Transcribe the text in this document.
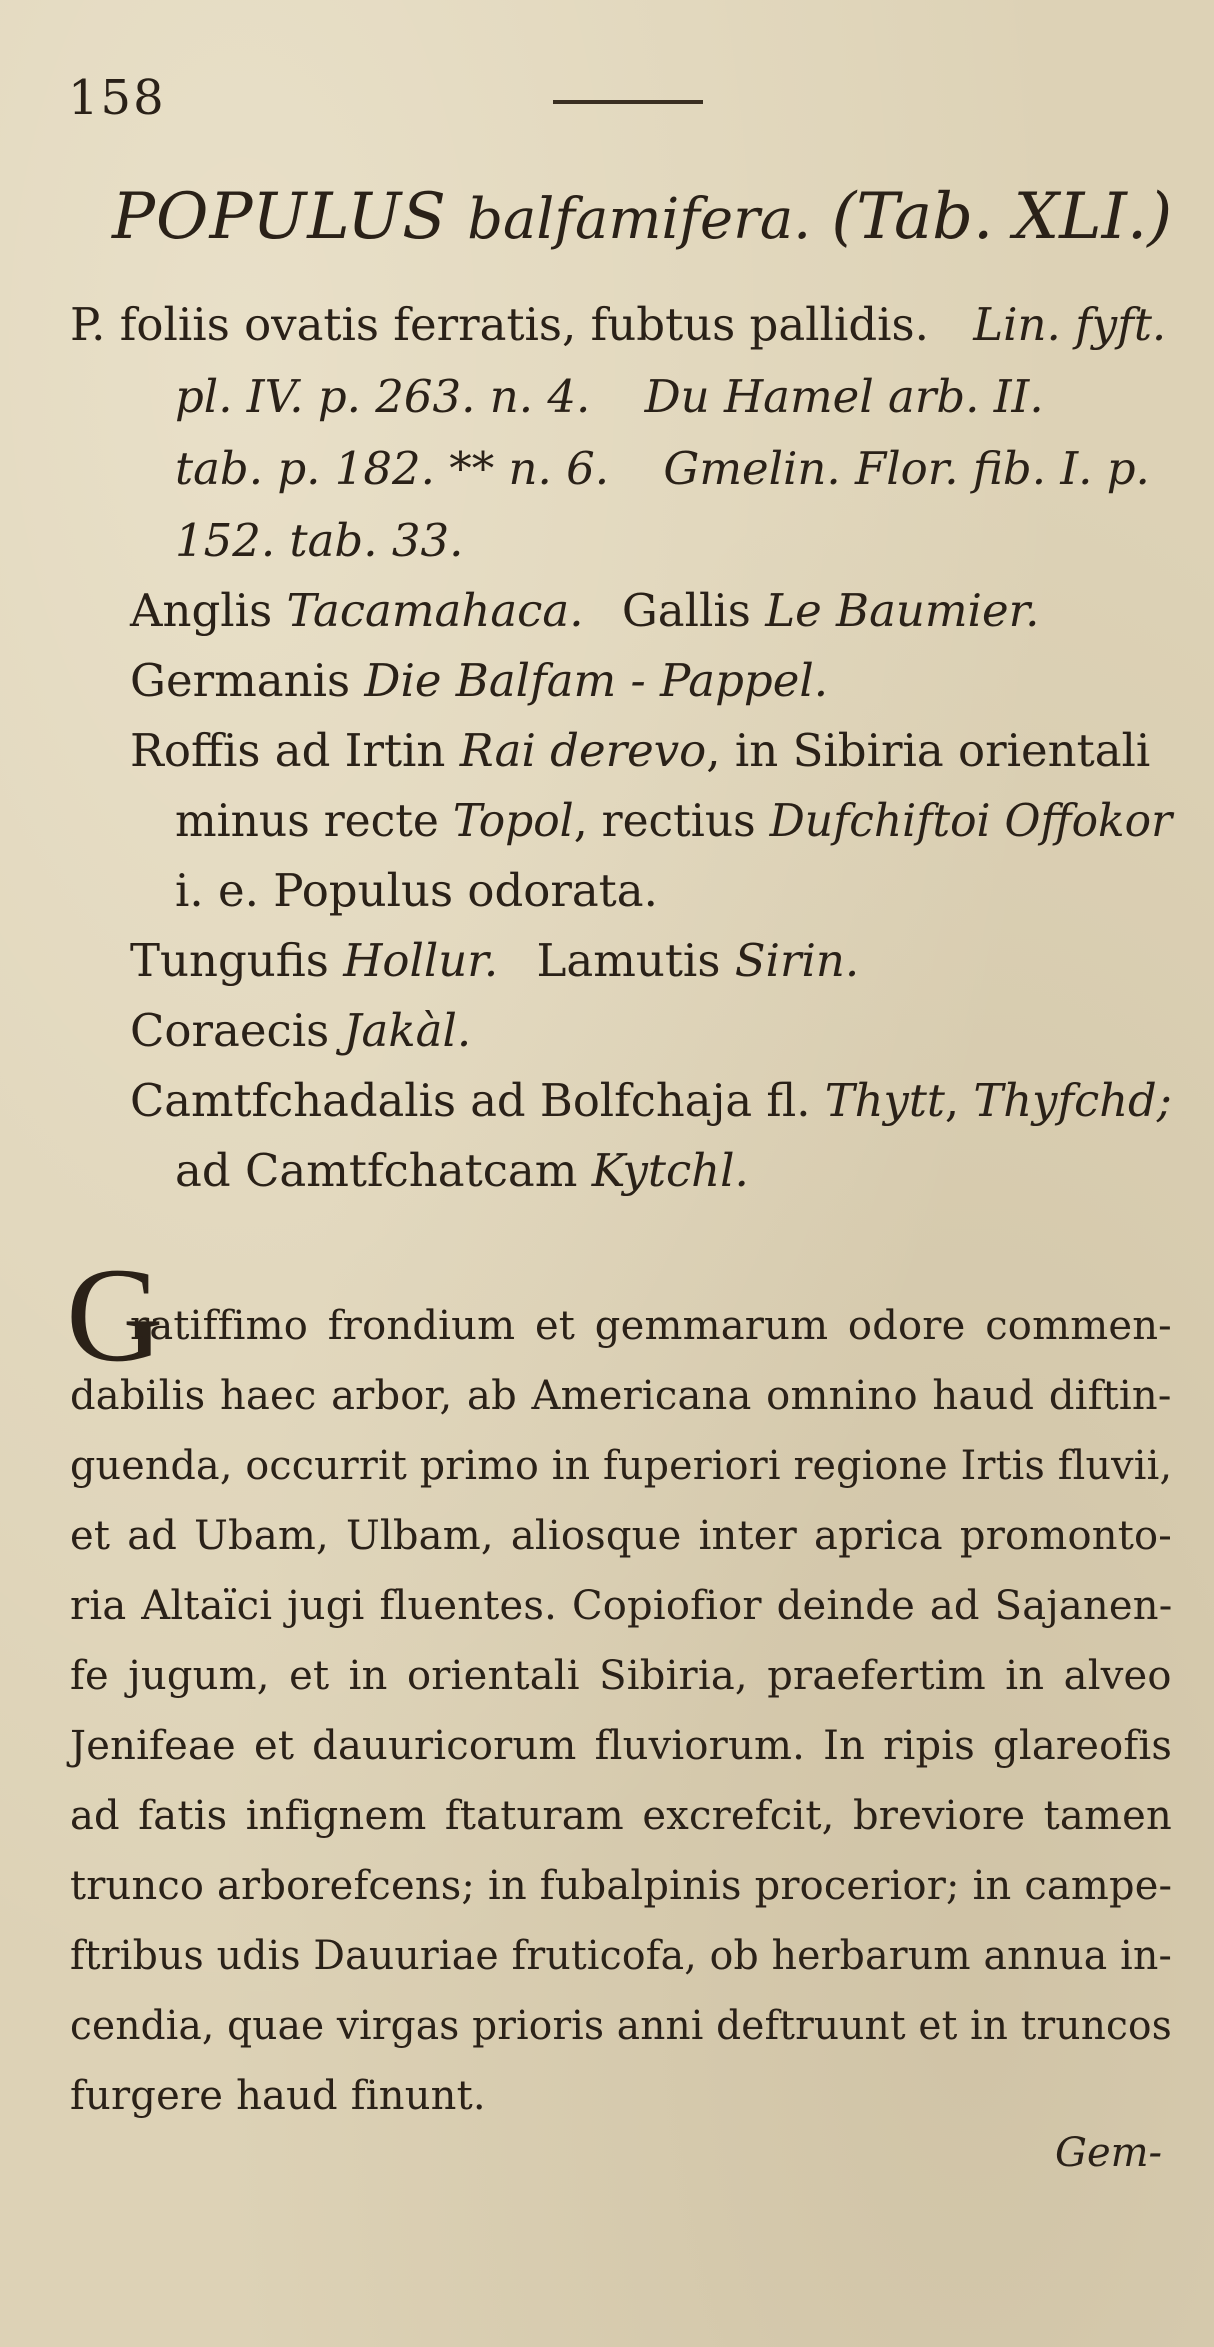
158
POPULUS balfamifera. (Tab. XLI.)
P. foliis ovatis ferratis, fubtus pallidis. Lin. fyft.
pl. IV. p. 263. n. 4. Du Hamel arb. II.
tab. p. 182. ** n. 6. Gmelin. Flor. fib. I. p.
152. tab. 33.
Anglis Tacamahaca. Gallis Le Baumier.
Germanis Die Balfam - Pappel.
Roffis ad Irtin Rai derevo, in Sibiria orientali
minus recte Topol, rectius Dufchiftoi Offokor
i. e. Populus odorata.
Tungufis Hollur. Lamutis Sirin.
Coraecis Jakàl.
Camtfchadalis ad Bolfchaja fl. Thytt, Thyfchd;
ad Camtfchatcam Kytchl.
G
ratiffimo frondium et gemmarum odore commen-
dabilis haec arbor, ab Americana omnino haud diftin-
guenda, occurrit primo in fuperiori regione Irtis fluvii,
et ad Ubam, Ulbam, aliosque inter aprica promonto-
ria Altaïci jugi fluentes. Copiofior deinde ad Sajanen-
fe jugum, et in orientali Sibiria, praefertim in alveo
Jenifeae et dauuricorum fluviorum. In ripis glareofis
ad fatis infignem ftaturam excrefcit, breviore tamen
trunco arborefcens; in fubalpinis procerior; in campe-
ftribus udis Dauuriae fruticofa, ob herbarum annua in-
cendia, quae virgas prioris anni deftruunt et in truncos
furgere haud finunt.
Gem-
